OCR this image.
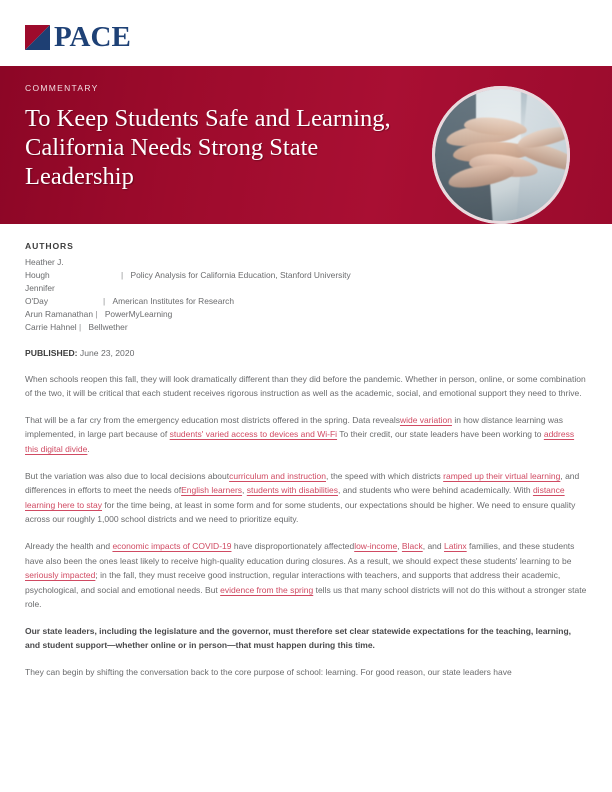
PACE
COMMENTARY
To Keep Students Safe and Learning, California Needs Strong State Leadership
AUTHORS
Heather J.
Hough	| Policy Analysis for California Education, Stanford University
Jennifer
O'Day	| American Institutes for Research
Arun Ramanathan | PowerMyLearning
Carrie Hahnel | Bellwether
PUBLISHED: June 23, 2020

When schools reopen this fall, they will look dramatically different than they did before the pandemic. Whether in person, online, or some combination of the two, it will be critical that each student receives rigorous instruction as well as the academic, social, and emotional support they need to thrive.

That will be a far cry from the emergency education most districts offered in the spring. Data revealswide variation in how distance learning was implemented, in large part because of students' varied access to devices and Wi-Fi To their credit, our state leaders have been working to address this digital divide.

But the variation was also due to local decisions aboutcurriculum and instruction, the speed with which districts ramped up their virtual learning, and differences in efforts to meet the needs ofEnglish learners, students with disabilities, and students who were behind academically. With distance learning here to stay for the time being, at least in some form and for some students, our expectations should be higher. We need to ensure quality across our roughly 1,000 school districts and we need to prioritize equity.

Already the health and economic impacts of COVID-19 have disproportionately affectedlow-income, Black, and Latinx families, and these students have also been the ones least likely to receive high-quality education during closures. As a result, we should expect these students' learning to be seriously impacted; in the fall, they must receive good instruction, regular interactions with teachers, and supports that address their academic, psychological, and social and emotional needs. But evidence from the spring tells us that many school districts will not do this without a stronger state role.

Our state leaders, including the legislature and the governor, must therefore set clear statewide expectations for the teaching, learning, and student support—whether online or in person—that must happen during this time.

They can begin by shifting the conversation back to the core purpose of school: learning. For good reason, our state leaders have
